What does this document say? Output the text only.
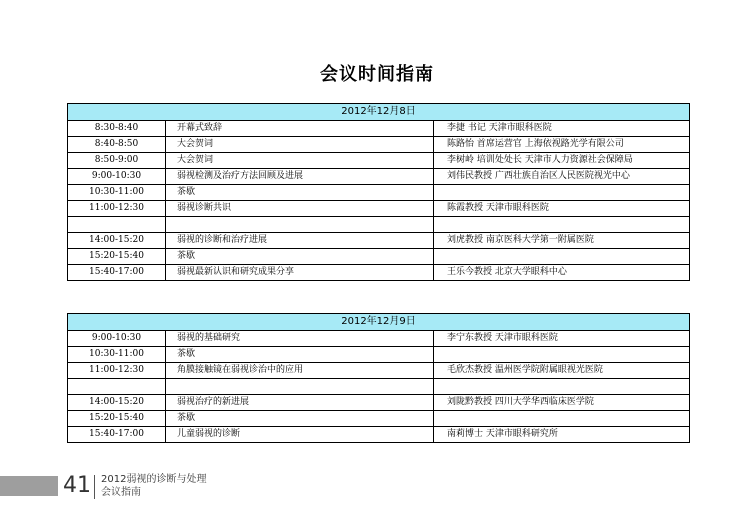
会议时间指南
2012年12月8日		
8:30-8:40	开幕式致辞	李捷 书记 天津市眼科医院
8:40-8:50	大会贺词	陈路怡 首席运营官 上海依视路光学有限公司
8:50-9:00	大会贺词	李树岭 培训处处长 天津市人力资源社会保障局
9:00-10:30	弱视检测及治疗方法回顾及进展	刘伟民教授 广西壮族自治区人民医院视光中心
10:30-11:00	茶歇	
11:00-12:30	弱视诊断共识	陈霞教授 天津市眼科医院

14:00-15:20	弱视的诊断和治疗进展	刘虎教授 南京医科大学第一附属医院
15:20-15:40	茶歇	
15:40-17:00	弱视最新认识和研究成果分享	王乐今教授 北京大学眼科中心
2012年12月9日		
9:00-10:30	弱视的基础研究	李宁东教授 天津市眼科医院
10:30-11:00	茶歇	
11:00-12:30	角膜接触镜在弱视诊治中的应用	毛欣杰教授 温州医学院附属眼视光医院

14:00-15:20	弱视治疗的新进展	刘陇黔教授 四川大学华西临床医学院
15:20-15:40	茶歇	
15:40-17:00	儿童弱视的诊断	南莉博士 天津市眼科研究所
41 2012弱视的诊断与处理
会议指南
